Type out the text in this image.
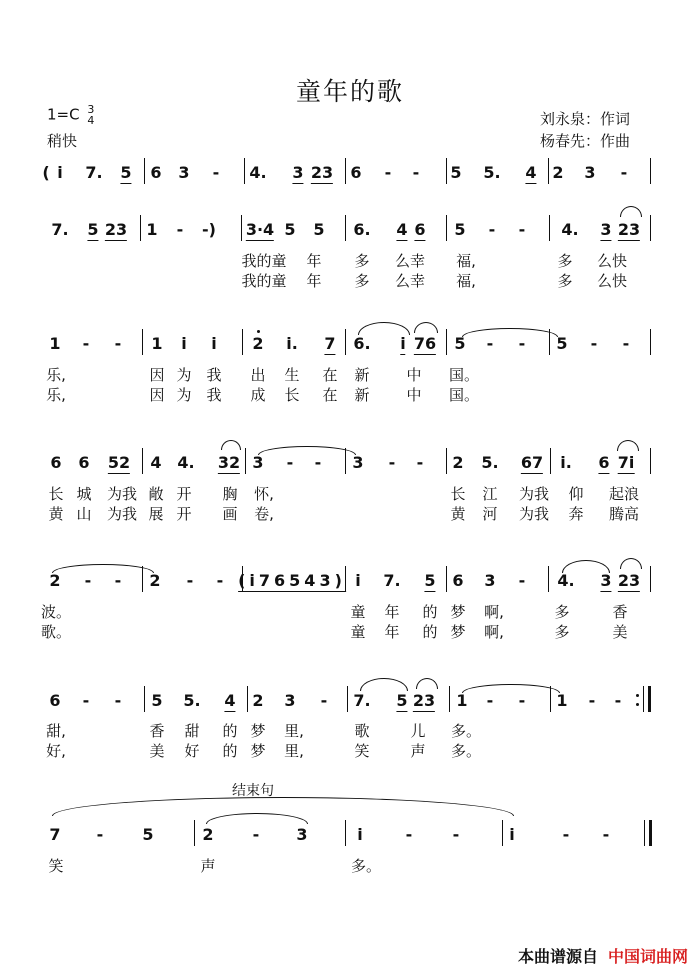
童年的歌
1=C 3
4
稍快
刘永泉：作词
杨春先：作曲
( i 7. 5 6 3 - 4. 3 23 6 - - 5 5. 4 2 3 -
7. 5 23 1 - -) 3·4 5 5 6. 4 6 5 - - 4. 3 23
我的童 年 多 么幸 福,	多 么快
我的童 年 多 么幸 福,	多 么快
1 - - 1 i i 2 i. 7 6. i 76 5 - - 5 - -
乐,	因 为 我 出 生 在 新 中 国。
乐,	因 为 我 成 长 在 新 中 国。
6 6 52 4 4. 32 3 - - 3 - - 2 5. 67 i. 6 7i
长 城 为我 敞 开 胸 怀,	长 江 为我 仰 起浪
黄 山 为我 展 开 画 卷,	黄 河 为我 奔 腾高
2 - - 2 - - (i76543) i 7. 5 6 3 - 4. 3 23
波。	童 年 的 梦 啊,	多	香
歌。	童 年 的 梦 啊,	多	美
6 - - 5 5. 4 2 3 - 7. 5 23 1 - - 1 - -
甜,	香 甜 的 梦 里,	歌	儿 多。
好,	美 好 的 梦 里,	笑	声 多。
结束句
7 - 5	2 - 3	i	-	-	i	- -
笑	声	多。
本曲谱源自 中国词曲网
